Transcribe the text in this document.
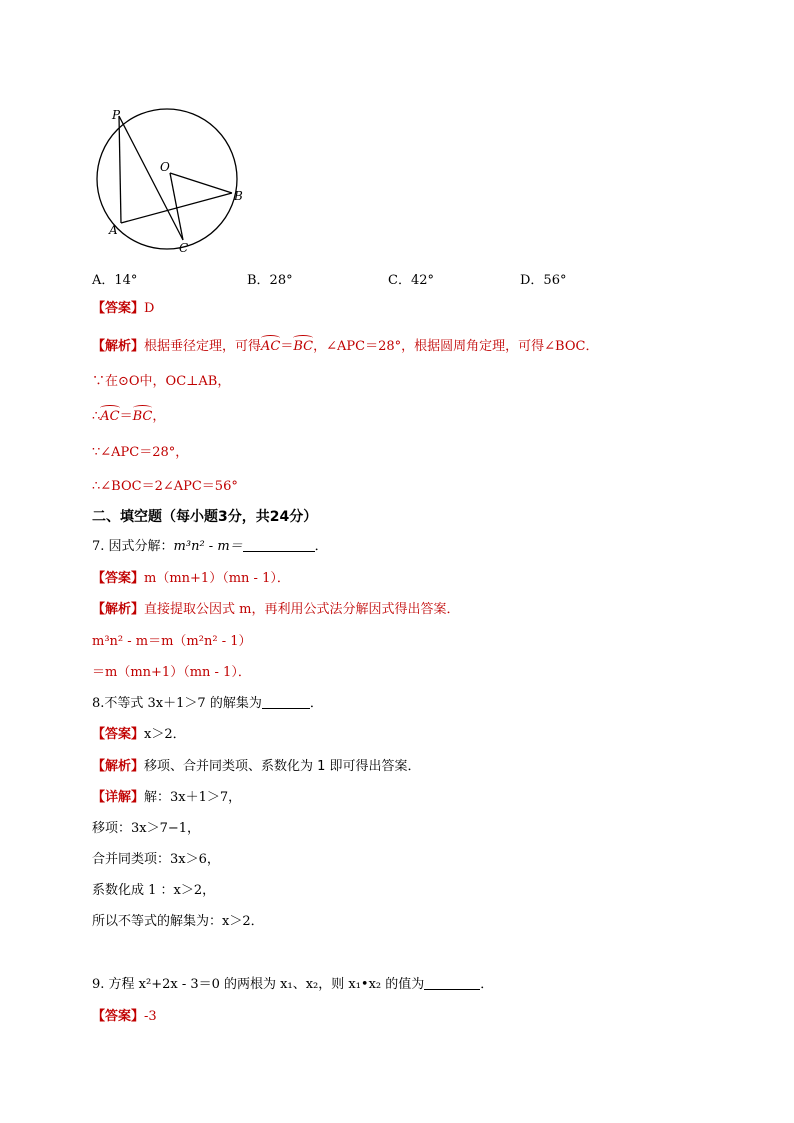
P
O
B
A
C
A．14°	B．28°	C．42°	D．56°
【答案】D
【解析】根据垂径定理，可得AC＝BC，∠APC＝28°，根据圆周角定理，可得∠BOC．
∵在⊙O中，OC⊥AB，
∴AC＝BC，
∵∠APC＝28°，
∴∠BOC＝2∠APC＝56°
二、填空题（每小题3分，共24分）
7. 因式分解：m³n² - m＝	．
【答案】m（mn+1）（mn - 1）．
【解析】直接提取公因式 m，再利用公式法分解因式得出答案．
m³n² - m＝m（m²n² - 1）
＝m（mn+1）（mn - 1）．
8.不等式 3x＋1＞7 的解集为	．
【答案】x＞2．
【解析】移项、合并同类项、系数化为 1 即可得出答案．
【详解】解：3x＋1＞7，
移项：3x＞7−1，
合并同类项：3x＞6，
系数化成 1 ：x＞2，
所以不等式的解集为：x＞2．
9. 方程 x²+2x - 3＝0 的两根为 x₁、x₂，则 x₁•x₂ 的值为	．
【答案】-3
